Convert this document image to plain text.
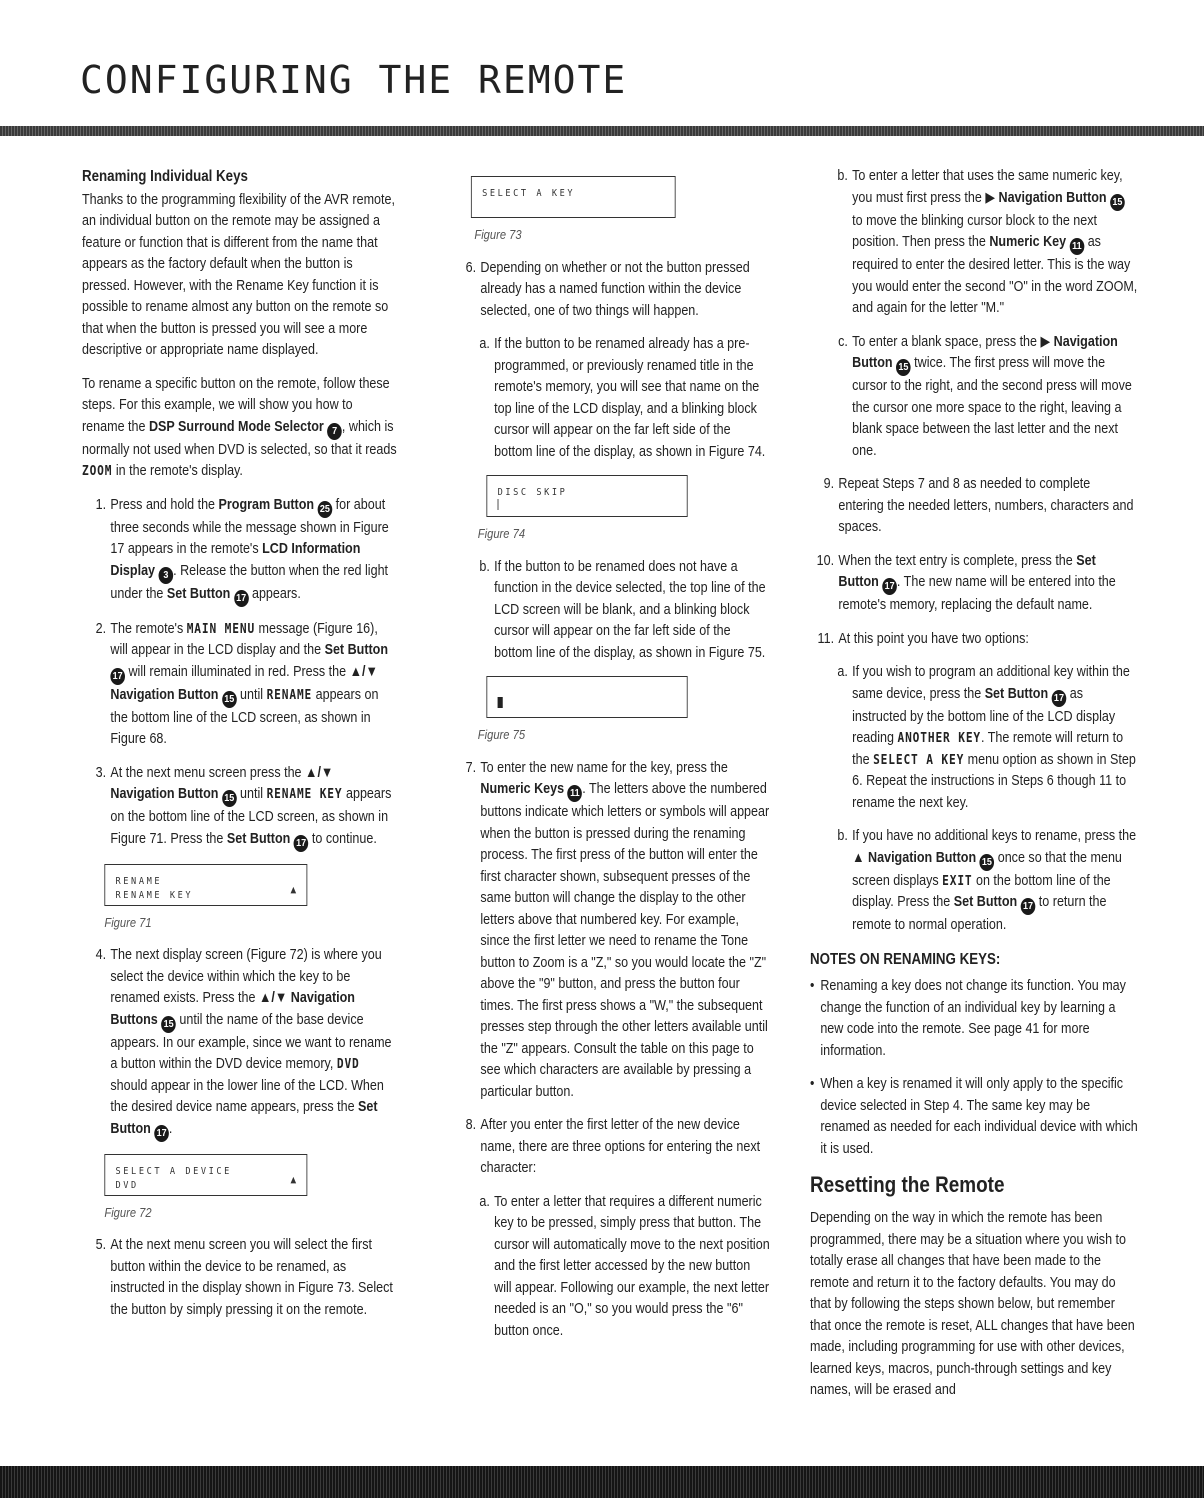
CONFIGURING THE REMOTE

Renaming Individual Keys

Thanks to the programming flexibility of the AVR remote, an individual button on the remote may be assigned a feature or function that is different from the name that appears as the factory default when the button is pressed. However, with the Rename Key function it is possible to rename almost any button on the remote so that when the button is pressed you will see a more descriptive or appropriate name displayed.

To rename a specific button on the remote, follow these steps. For this example, we will show you how to rename the DSP Surround Mode Selector 7 , which is normally not used when DVD is selected, so that it reads ZOOM in the remote's display.

1. Press and hold the Program Button 25 for about three seconds while the message shown in Figure 17 appears in the remote's LCD Information Display 3 . Release the button when the red light under the Set Button 17 appears.
2. The remote's MAIN MENU message (Figure 16), will appear in the LCD display and the Set Button 17 will remain illuminated in red. Press the ▲/▼ Navigation Button 15 until RENAME appears on the bottom line of the LCD screen, as shown in Figure 68.
3. At the next menu screen press the ▲/▼ Navigation Button 15 until RENAME KEY appears on the bottom line of the LCD screen, as shown in Figure 71. Press the Set Button 17 to continue.
RENAME
RENAME KEY	▲

Figure 71

4. The next display screen (Figure 72) is where you select the device within which the key to be renamed exists. Press the ▲/▼ Navigation Buttons 15 until the name of the base device appears. In our example, since we want to rename a button within the DVD device memory, DVD should appear in the lower line of the LCD. When the desired device name appears, press the Set Button 17 .
SELECT A DEVICE
DVD	▲

Figure 72

5. At the next menu screen you will select the first button within the device to be renamed, as instructed in the display shown in Figure 73. Select the button by simply pressing it on the remote.
SELECT A KEY

Figure 73

6. Depending on whether or not the button pressed already has a named function within the device selected, one of two things will happen.
a. If the button to be renamed already has a pre-programmed, or previously renamed title in the remote's memory, you will see that name on the top line of the LCD display, and a blinking block cursor will appear on the far left side of the bottom line of the display, as shown in Figure 74.
DISC SKIP

Figure 74

b. If the button to be renamed does not have a function in the device selected, the top line of the LCD screen will be blank, and a blinking block cursor will appear on the far left side of the bottom line of the display, as shown in Figure 75.

Figure 75

7. To enter the new name for the key, press the Numeric Keys 11 . The letters above the numbered buttons indicate which letters or symbols will appear when the button is pressed during the renaming process. The first press of the button will enter the first character shown, subsequent presses of the same button will change the display to the other letters above that numbered key. For example, since the first letter we need to rename the Tone button to Zoom is a "Z," so you would locate the "Z" above the "9" button, and press the button four times. The first press shows a "W," the subsequent presses step through the other letters available until the "Z" appears. Consult the table on this page to see which characters are available by pressing a particular button.
8. After you enter the first letter of the new device name, there are three options for entering the next character:
a. To enter a letter that requires a different numeric key to be pressed, simply press that button. The cursor will automatically move to the next position and the first letter accessed by the new button will appear. Following our example, the next letter needed is an "O," so you would press the "6" button once.
b. To enter a letter that uses the same numeric key, you must first press the ▶ Navigation Button 15 to move the blinking cursor block to the next position. Then press the Numeric Key 11 as required to enter the desired letter. This is the way you would enter the second "O" in the word ZOOM, and again for the letter "M."
c. To enter a blank space, press the ▶ Navigation Button 15 twice. The first press will move the cursor to the right, and the second press will move the cursor one more space to the right, leaving a blank space between the last letter and the next one.
9. Repeat Steps 7 and 8 as needed to complete entering the needed letters, numbers, characters and spaces.
10. When the text entry is complete, press the Set Button 17 . The new name will be entered into the remote's memory, replacing the default name.
11. At this point you have two options:
a. If you wish to program an additional key within the same device, press the Set Button 17 as instructed by the bottom line of the LCD display reading ANOTHER KEY. The remote will return to the SELECT A KEY menu option as shown in Step 6. Repeat the instructions in Steps 6 though 11 to rename the next key.
b. If you have no additional keys to rename, press the ▲ Navigation Button 15 once so that the menu screen displays EXIT on the bottom line of the display. Press the Set Button 17 to return the remote to normal operation.

NOTES ON RENAMING KEYS:

• Renaming a key does not change its function. You may change the function of an individual key by learning a new code into the remote. See page 41 for more information.
• When a key is renamed it will only apply to the specific device selected in Step 4. The same key may be renamed as needed for each individual device with which it is used.

Resetting the Remote

Depending on the way in which the remote has been programmed, there may be a situation where you wish to totally erase all changes that have been made to the remote and return it to the factory defaults. You may do that by following the steps shown below, but remember that once the remote is reset, ALL changes that have been made, including programming for use with other devices, learned keys, macros, punch-through settings and key names, will be erased and
